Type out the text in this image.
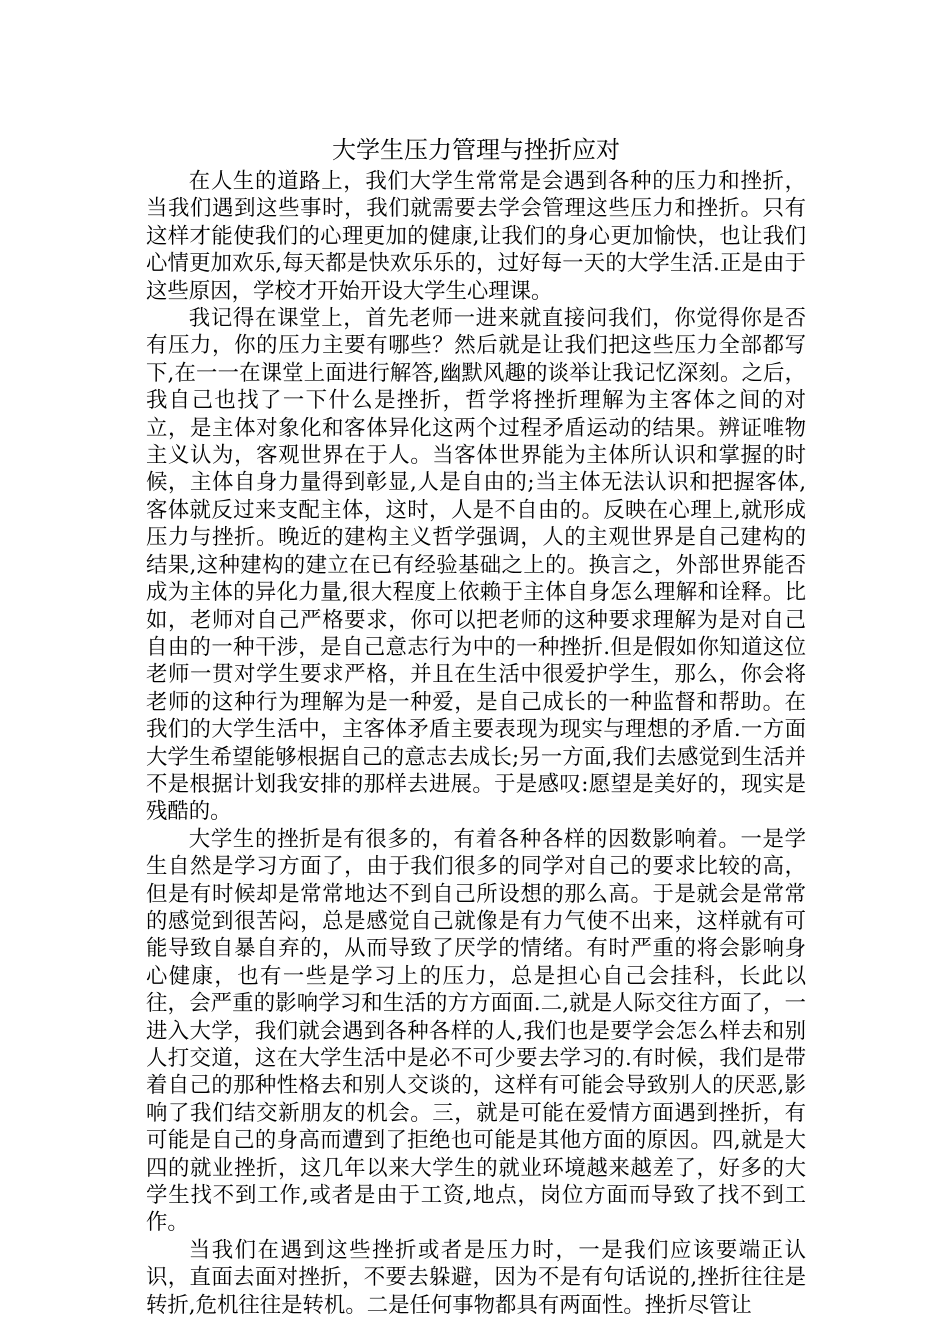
大学生压力管理与挫折应对

在人生的道路上，我们大学生常常是会遇到各种的压力和挫折，当我们遇到这些事时，我们就需要去学会管理这些压力和挫折。只有这样才能使我们的心理更加的健康,让我们的身心更加愉快，也让我们心情更加欢乐,每天都是快欢乐乐的，过好每一天的大学生活.正是由于这些原因，学校才开始开设大学生心理课。

我记得在课堂上，首先老师一进来就直接问我们，你觉得你是否有压力，你的压力主要有哪些？然后就是让我们把这些压力全部都写下,在一一在课堂上面进行解答,幽默风趣的谈举让我记忆深刻。之后，我自己也找了一下什么是挫折，哲学将挫折理解为主客体之间的对立，是主体对象化和客体异化这两个过程矛盾运动的结果。辨证唯物主义认为，客观世界在于人。当客体世界能为主体所认识和掌握的时候，主体自身力量得到彰显,人是自由的;当主体无法认识和把握客体,客体就反过来支配主体，这时，人是不自由的。反映在心理上,就形成压力与挫折。晚近的建构主义哲学强调，人的主观世界是自己建构的结果,这种建构的建立在已有经验基础之上的。换言之，外部世界能否成为主体的异化力量,很大程度上依赖于主体自身怎么理解和诠释。比如，老师对自己严格要求，你可以把老师的这种要求理解为是对自己自由的一种干涉，是自己意志行为中的一种挫折.但是假如你知道这位老师一贯对学生要求严格，并且在生活中很爱护学生，那么，你会将老师的这种行为理解为是一种爱，是自己成长的一种监督和帮助。在我们的大学生活中，主客体矛盾主要表现为现实与理想的矛盾.一方面大学生希望能够根据自己的意志去成长;另一方面,我们去感觉到生活并不是根据计划我安排的那样去进展。于是感叹:愿望是美好的，现实是残酷的。

大学生的挫折是有很多的，有着各种各样的因数影响着。一是学生自然是学习方面了，由于我们很多的同学对自己的要求比较的高，但是有时候却是常常地达不到自己所设想的那么高。于是就会是常常的感觉到很苦闷，总是感觉自己就像是有力气使不出来，这样就有可能导致自暴自弃的，从而导致了厌学的情绪。有时严重的将会影响身心健康，也有一些是学习上的压力，总是担心自己会挂科，长此以往，会严重的影响学习和生活的方方面面.二,就是人际交往方面了，一进入大学，我们就会遇到各种各样的人,我们也是要学会怎么样去和别人打交道，这在大学生活中是必不可少要去学习的.有时候，我们是带着自己的那种性格去和别人交谈的，这样有可能会导致别人的厌恶,影响了我们结交新朋友的机会。三，就是可能在爱情方面遇到挫折，有可能是自己的身高而遭到了拒绝也可能是其他方面的原因。四,就是大四的就业挫折，这几年以来大学生的就业环境越来越差了，好多的大学生找不到工作,或者是由于工资,地点，岗位方面而导致了找不到工作。

当我们在遇到这些挫折或者是压力时，一是我们应该要端正认识，直面去面对挫折，不要去躲避，因为不是有句话说的,挫折往往是转折,危机往往是转机。二是任何事物都具有两面性。挫折尽管让
